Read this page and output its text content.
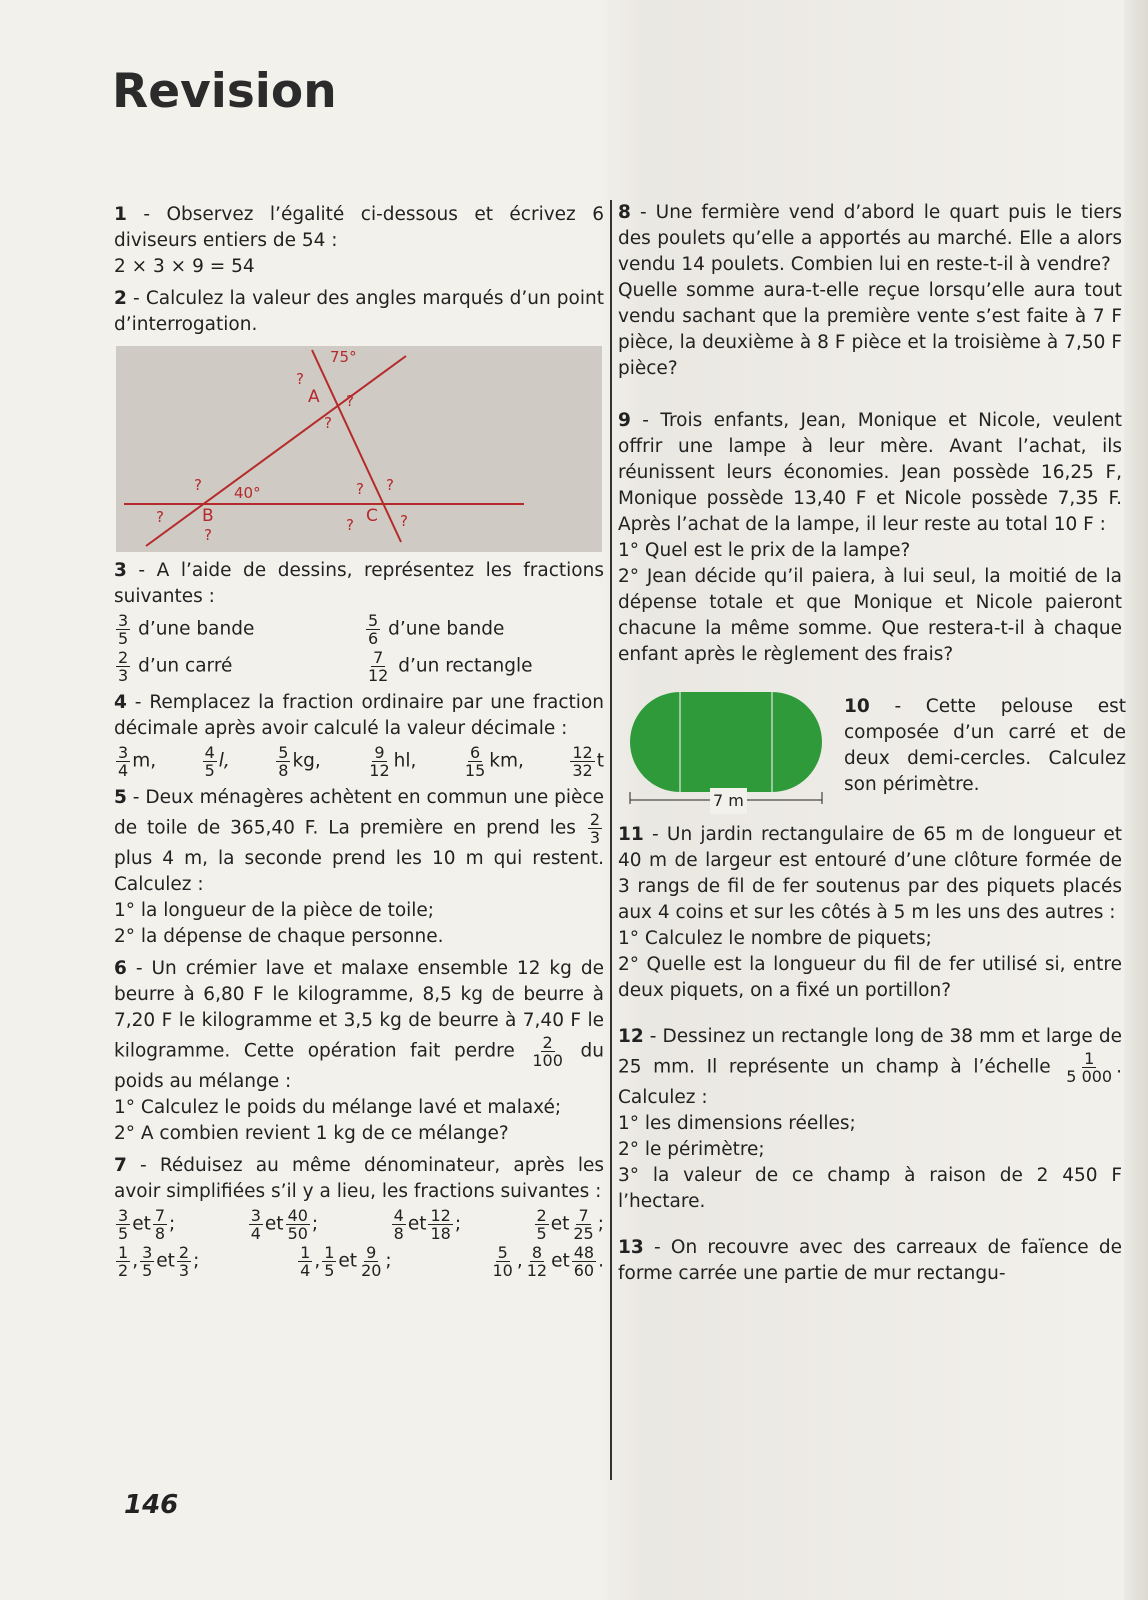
Revision

1 - Observez l’égalité ci-dessous et écrivez 6 diviseurs entiers de 54 :

2 × 3 × 9 = 54

2 - Calculez la valeur des angles marqués d’un point d’interrogation.

75°
40°
A
B	C
?
?
?
?
?
?
? ?
?	?

3 - A l’aide de dessins, représentez les fractions suivantes :

$\frac{3}{5}$ d’une bande	$\frac{5}{6}$ d’une bande
$\frac{2}{3}$ d’un carré	$\frac{7}{12}$ d’un rectangle

4 - Remplacez la fraction ordinaire par une fraction décimale après avoir calculé la valeur décimale :

$\frac{3}{4} m$,	$\frac{4}{5} l$,	$\frac{5}{8}$ kg,	$\frac{9}{12}$ hl,	$\frac{6}{15}$ km,	$\frac{12}{32}$ t

5 - Deux ménagères achètent en commun une pièce de toile de 365,40 F. La première en prend les $\frac{2}{3}$
plus 4 m, la seconde prend les 10 m qui restent. Calculez :

1° la longueur de la pièce de toile;

2° la dépense de chaque personne.

6 - Un crémier lave et malaxe ensemble 12 kg de beurre à 6,80 F le kilogramme, 8,5 kg de beurre à 7,20 F le kilogramme et 3,5 kg de beurre à 7,40 F le kilogramme. Cette opération fait perdre $\frac{2}{100}$ du poids au mélange :

1° Calculez le poids du mélange lavé et malaxé;

2° A combien revient 1 kg de ce mélange?

7 - Réduisez au même dénominateur, après les avoir simplifiées s’il y a lieu, les fractions suivantes :

$\frac{3}{5}$ et $\frac{7}{8}$ ;	$\frac{3}{4}$ et $\frac{40}{50}$ ;	$\frac{4}{8}$ et $\frac{12}{18}$ ;	$\frac{2}{5}$ et $\frac{7}{25}$ ;
$\frac{1}{2}$ , $\frac{3}{5}$ et $\frac{2}{3}$ ;	$\frac{1}{4}$ , $\frac{1}{5}$ et $\frac{9}{20}$ ;	$\frac{5}{10}$ , $\frac{8}{12}$ et $\frac{48}{60}$ .

8 - Une fermière vend d’abord le quart puis le tiers des poulets qu’elle a apportés au marché. Elle a alors vendu 14 poulets. Combien lui en reste-t-il à vendre?

Quelle somme aura-t-elle reçue lorsqu’elle aura tout vendu sachant que la première vente s’est faite à 7 F pièce, la deuxième à 8 F pièce et la troisième à 7,50 F pièce?

9 - Trois enfants, Jean, Monique et Nicole, veulent offrir une lampe à leur mère. Avant l’achat, ils réunissent leurs économies. Jean possède 16,25 F, Monique possède 13,40 F et Nicole possède 7,35 F. Après l’achat de la lampe, il leur reste au total 10 F :

1° Quel est le prix de la lampe?

2° Jean décide qu’il paiera, à lui seul, la moitié de la dépense totale et que Monique et Nicole paieront chacune la même somme. Que restera-t-il à chaque enfant après le règlement des frais?

7 m

10 - Cette pelouse est composée d’un carré et de deux demi-cercles. Calculez son périmètre.

11 - Un jardin rectangulaire de 65 m de longueur et 40 m de largeur est entouré d’une clôture formée de 3 rangs de fil de fer soutenus par des piquets placés aux 4 coins et sur les côtés à 5 m les uns des autres :

1° Calculez le nombre de piquets;

2° Quelle est la longueur du fil de fer utilisé si, entre deux piquets, on a fixé un portillon?

12 - Dessinez un rectangle long de 38 mm et large de 25 mm. Il représente un champ à l’échelle $\frac{1}{5 000}$ . Calculez :

1° les dimensions réelles;

2° le périmètre;

3° la valeur de ce champ à raison de 2 450 F l’hectare.

13 - On recouvre avec des carreaux de faïence de forme carrée une partie de mur rectangu-

146
